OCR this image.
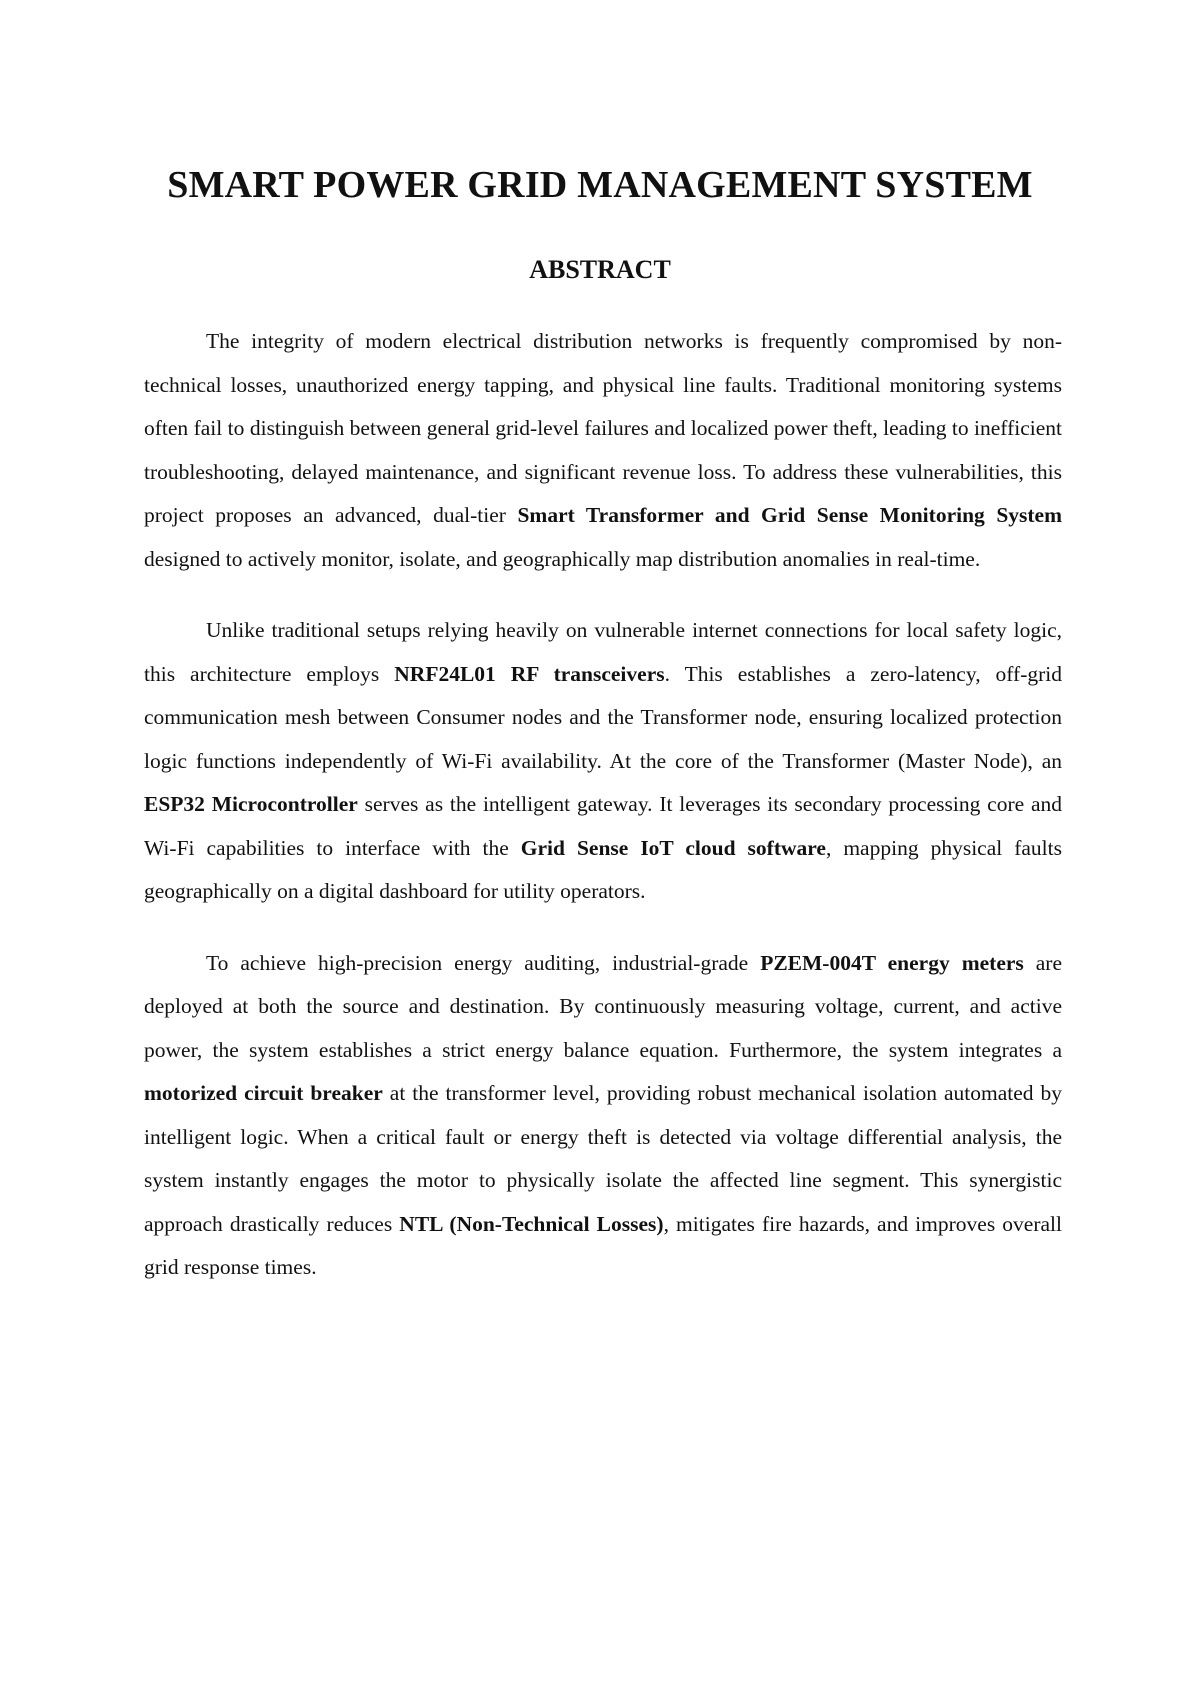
SMART POWER GRID MANAGEMENT SYSTEM
ABSTRACT

The integrity of modern electrical distribution networks is frequently compromised by non-technical losses, unauthorized energy tapping, and physical line faults. Traditional monitoring systems often fail to distinguish between general grid-level failures and localized power theft, leading to inefficient troubleshooting, delayed maintenance, and significant revenue loss. To address these vulnerabilities, this project proposes an advanced, dual-tier Smart Transformer and Grid Sense Monitoring System designed to actively monitor, isolate, and geographically map distribution anomalies in real-time.

Unlike traditional setups relying heavily on vulnerable internet connections for local safety logic, this architecture employs NRF24L01 RF transceivers. This establishes a zero-latency, off-grid communication mesh between Consumer nodes and the Transformer node, ensuring localized protection logic functions independently of Wi-Fi availability. At the core of the Transformer (Master Node), an ESP32 Microcontroller serves as the intelligent gateway. It leverages its secondary processing core and Wi-Fi capabilities to interface with the Grid Sense IoT cloud software, mapping physical faults geographically on a digital dashboard for utility operators.

To achieve high-precision energy auditing, industrial-grade PZEM-004T energy meters are deployed at both the source and destination. By continuously measuring voltage, current, and active power, the system establishes a strict energy balance equation. Furthermore, the system integrates a motorized circuit breaker at the transformer level, providing robust mechanical isolation automated by intelligent logic. When a critical fault or energy theft is detected via voltage differential analysis, the system instantly engages the motor to physically isolate the affected line segment. This synergistic approach drastically reduces NTL (Non-Technical Losses), mitigates fire hazards, and improves overall grid response times.
